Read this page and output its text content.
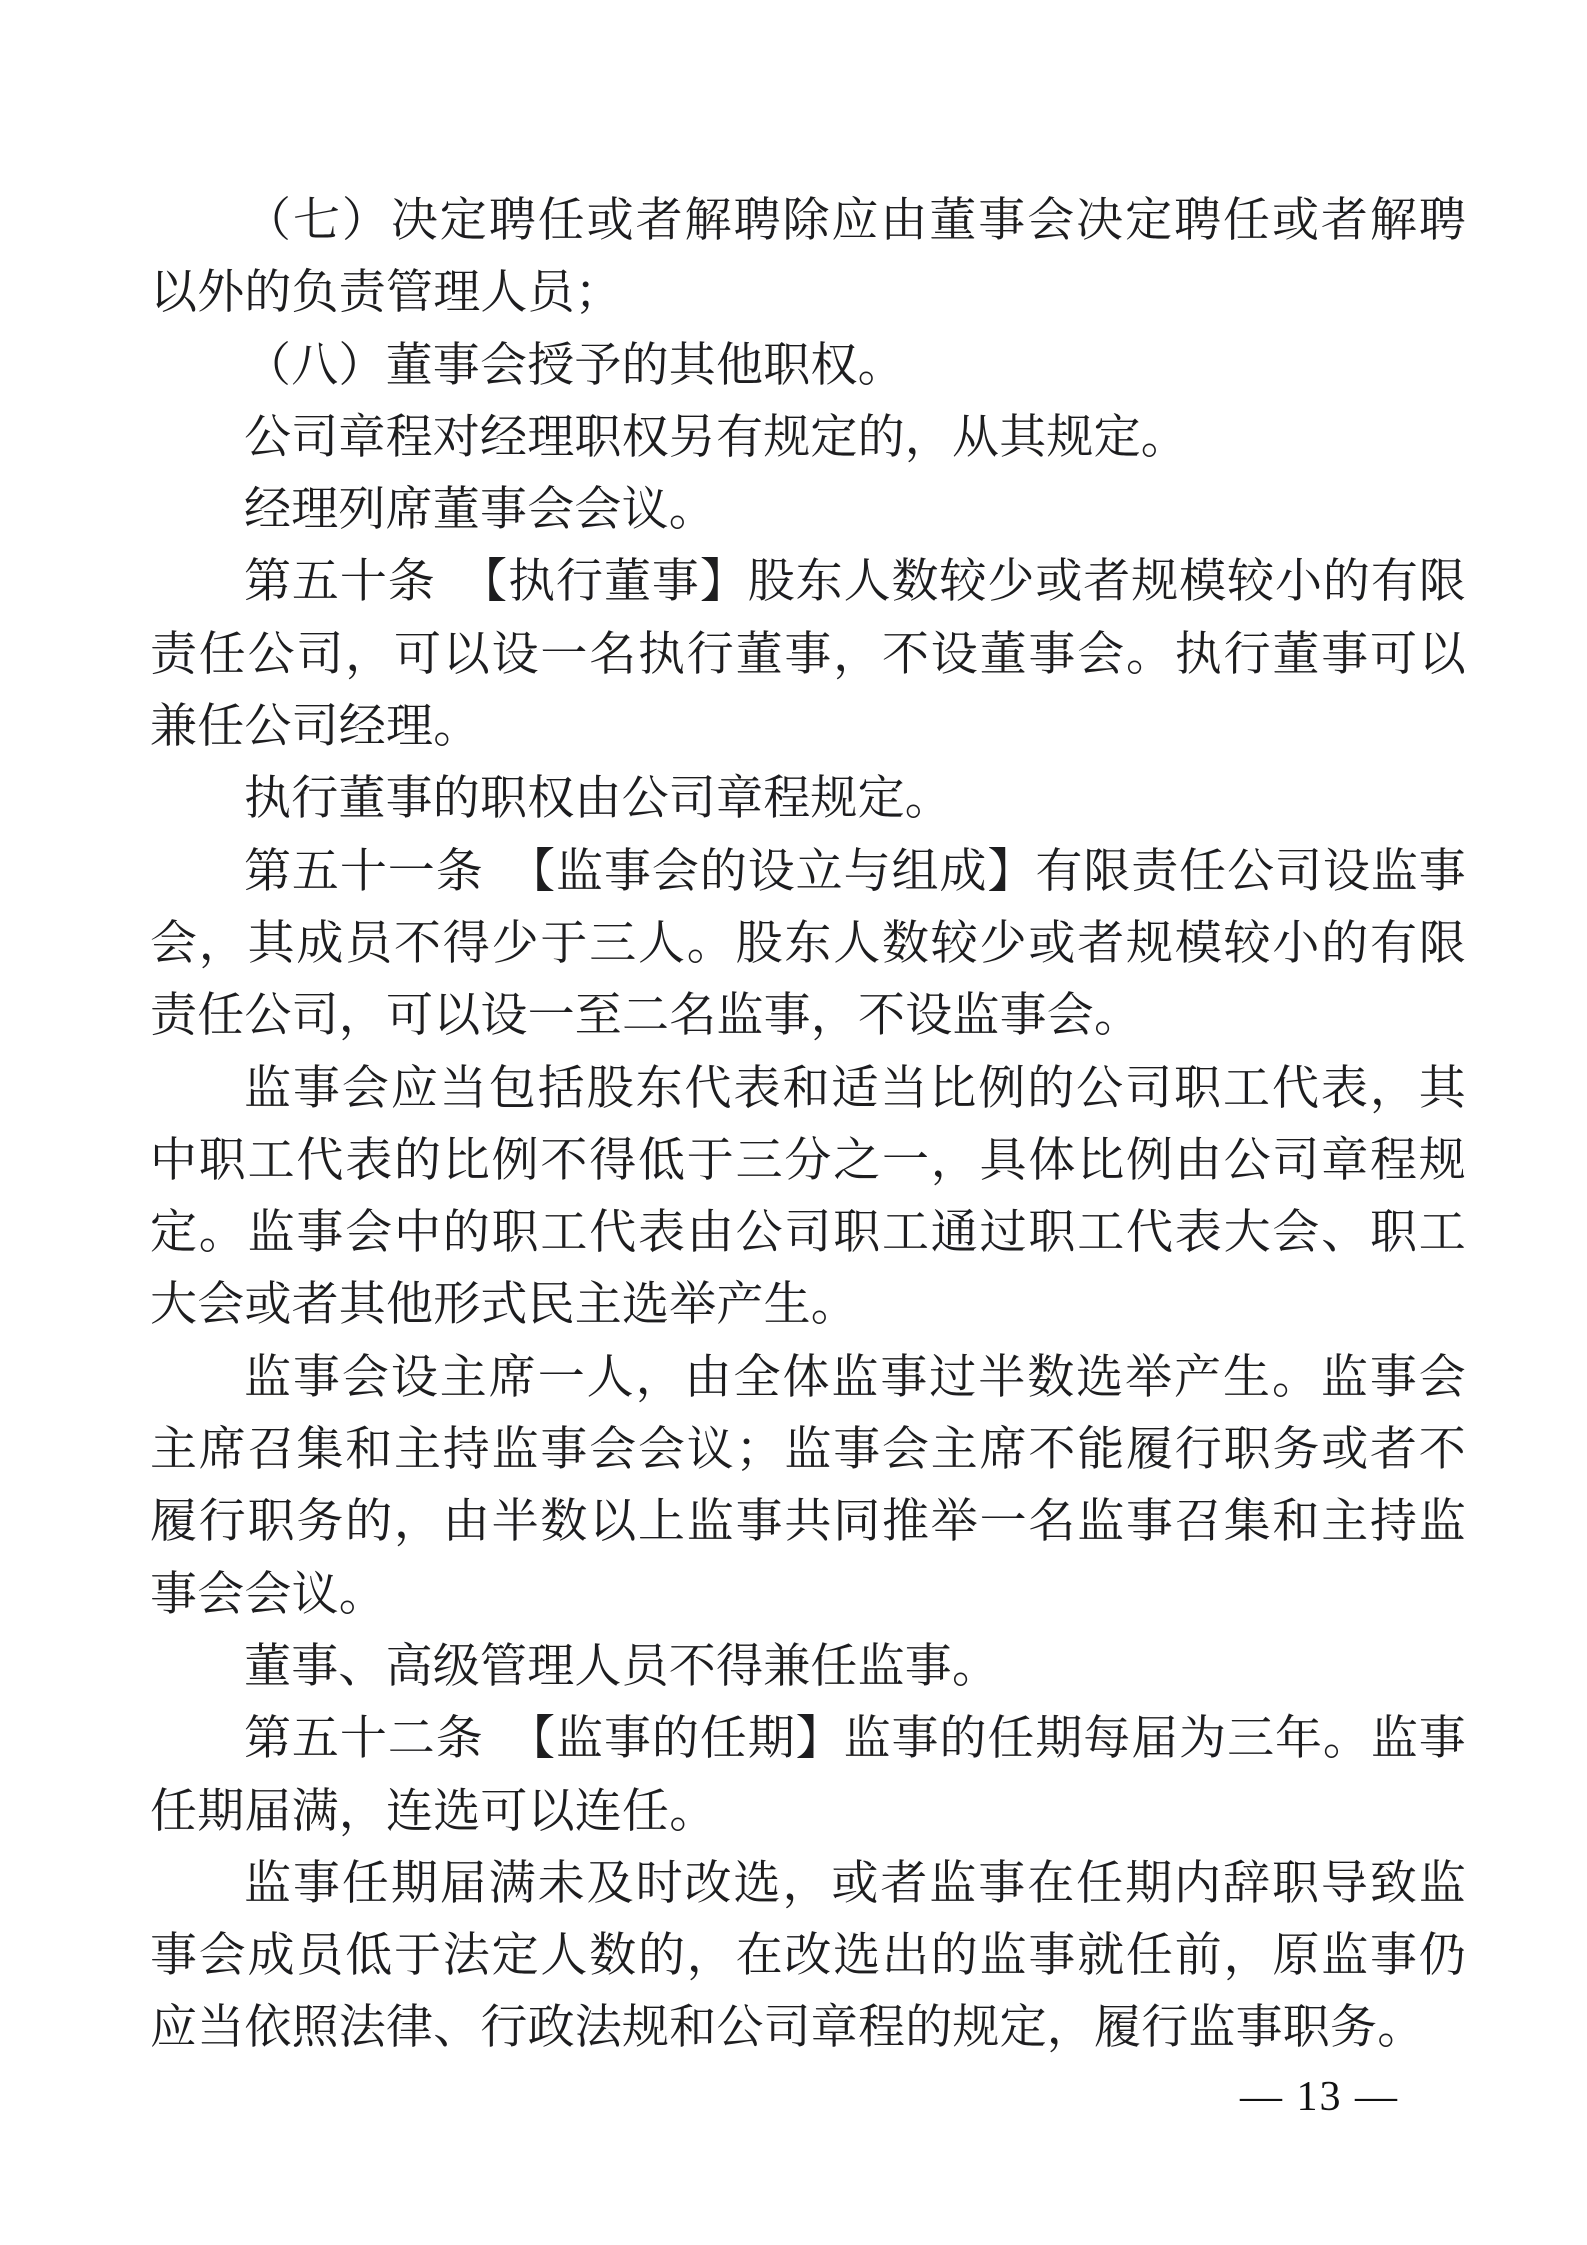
（七）决定聘任或者解聘除应由董事会决定聘任或者解聘以外的负责管理人员；

（八）董事会授予的其他职权。

公司章程对经理职权另有规定的，从其规定。

经理列席董事会会议。

第五十条　【执行董事】股东人数较少或者规模较小的有限责任公司，可以设一名执行董事，不设董事会。执行董事可以兼任公司经理。

执行董事的职权由公司章程规定。

第五十一条　【监事会的设立与组成】有限责任公司设监事会，其成员不得少于三人。股东人数较少或者规模较小的有限责任公司，可以设一至二名监事，不设监事会。

监事会应当包括股东代表和适当比例的公司职工代表，其中职工代表的比例不得低于三分之一，具体比例由公司章程规定。监事会中的职工代表由公司职工通过职工代表大会、职工大会或者其他形式民主选举产生。

监事会设主席一人，由全体监事过半数选举产生。监事会主席召集和主持监事会会议；监事会主席不能履行职务或者不履行职务的，由半数以上监事共同推举一名监事召集和主持监事会会议。

董事、高级管理人员不得兼任监事。

第五十二条　【监事的任期】监事的任期每届为三年。监事任期届满，连选可以连任。

监事任期届满未及时改选，或者监事在任期内辞职导致监事会成员低于法定人数的，在改选出的监事就任前，原监事仍应当依照法律、行政法规和公司章程的规定，履行监事职务。

— 13 —
